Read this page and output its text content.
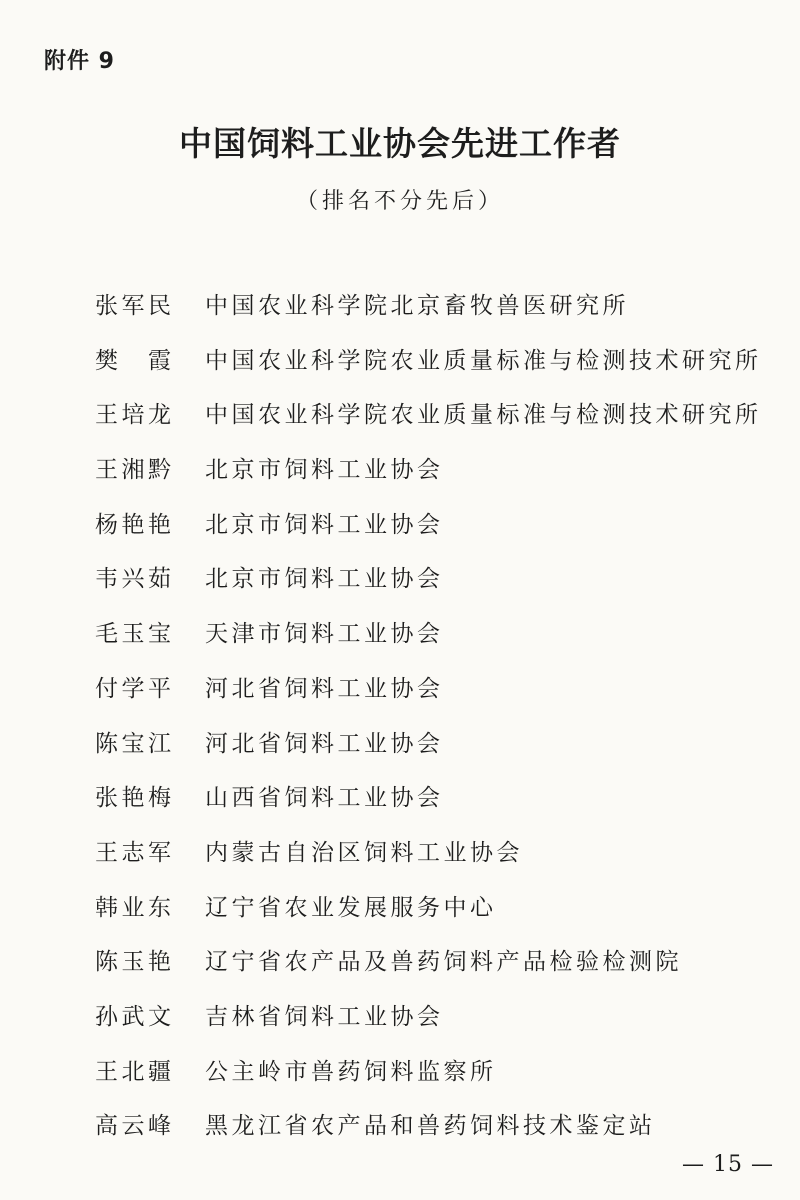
附件 9
中国饲料工业协会先进工作者
（排名不分先后）
张军民	中国农业科学院北京畜牧兽医研究所
樊　霞	中国农业科学院农业质量标准与检测技术研究所
王培龙	中国农业科学院农业质量标准与检测技术研究所
王湘黔	北京市饲料工业协会
杨艳艳	北京市饲料工业协会
韦兴茹	北京市饲料工业协会
毛玉宝	天津市饲料工业协会
付学平	河北省饲料工业协会
陈宝江	河北省饲料工业协会
张艳梅	山西省饲料工业协会
王志军	内蒙古自治区饲料工业协会
韩业东	辽宁省农业发展服务中心
陈玉艳	辽宁省农产品及兽药饲料产品检验检测院
孙武文	吉林省饲料工业协会
王北疆	公主岭市兽药饲料监察所
高云峰	黑龙江省农产品和兽药饲料技术鉴定站
— 15 —
